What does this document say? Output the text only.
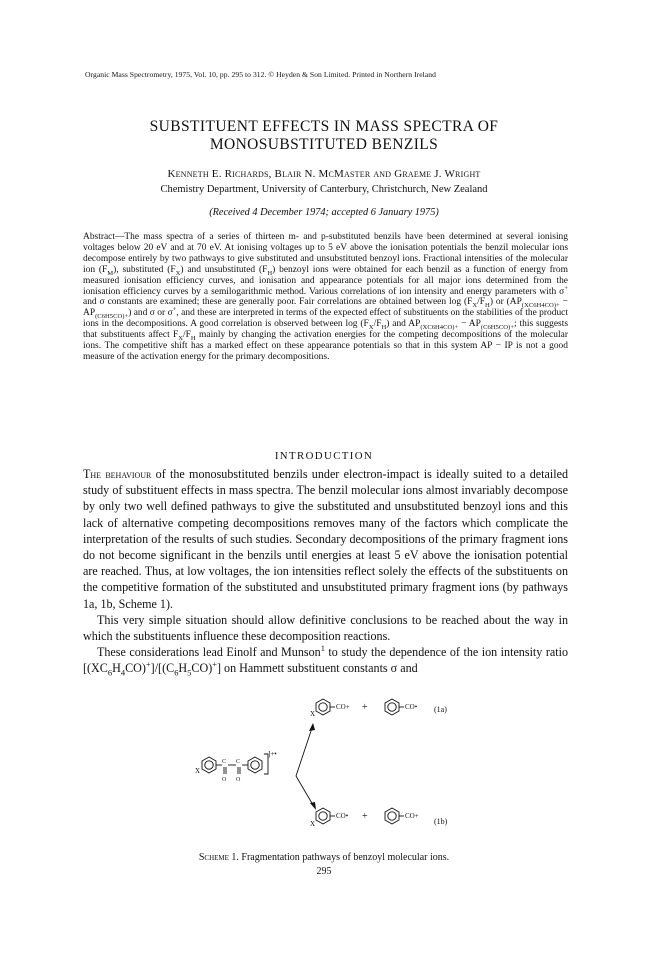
Organic Mass Spectrometry, 1975, Vol. 10, pp. 295 to 312. © Heyden & Son Limited. Printed in Northern Ireland
SUBSTITUENT EFFECTS IN MASS SPECTRA OF
MONOSUBSTITUTED BENZILS
Kenneth E. Richards, Blair N. McMaster and Graeme J. Wright
Chemistry Department, University of Canterbury, Christchurch, New Zealand
(Received 4 December 1974; accepted 6 January 1975)

Abstract—The mass spectra of a series of thirteen m- and p-substituted benzils have been determined at several ionising voltages below 20 eV and at 70 eV. At ionising voltages up to 5 eV above the ionisation potentials the benzil molecular ions decompose entirely by two pathways to give substituted and unsubstituted benzoyl ions. Fractional intensities of the molecular ion $(F_M)$, substituted $(F_X)$ and unsubstituted $(F_H)$ benzoyl ions were obtained for each benzil as a function of energy from measured ionisation efficiency curves, and ionisation and appearance potentials for all major ions determined from the ionisation efficiency curves by a semilogarithmic method. Various correlations of ion intensity and energy parameters with σ+ and σ constants are examined; these are generally poor. Fair correlations are obtained between $\log (F_X/F_H)$ or $(AP_{(XC6H4CO)+} - AP_{(C6H5CO)+})$ and σ or σ+, and these are interpreted in terms of the expected effect of substituents on the stabilities of the product ions in the decompositions. A good correlation is observed between $\log (F_X/F_H)$ and $AP_{(XC6H4CO)+} - AP_{(C6H5CO)+}$; this suggests that substituents affect $F_X/F_H$ mainly by changing the activation energies for the competing decompositions of the molecular ions. The competitive shift has a marked effect on these appearance potentials so that in this system AP − IP is not a good measure of the activation energy for the primary decompositions.

INTRODUCTION

The behaviour of the monosubstituted benzils under electron-impact is ideally suited to a detailed study of substituent effects in mass spectra. The benzil molecular ions almost invariably decompose by only two well defined pathways to give the substituted and unsubstituted benzoyl ions and this lack of alternative competing decompositions removes many of the factors which complicate the interpretation of the results of such studies. Secondary decompositions of the primary fragment ions do not become significant in the benzils until energies at least 5 eV above the ionisation potential are reached. Thus, at low voltages, the ion intensities reflect solely the effects of the substituents on the competitive formation of the substituted and unsubstituted primary fragment ions (by pathways 1a, 1b, Scheme 1).

This very simple situation should allow definitive conclusions to be reached about the way in which the substituents influence these decomposition reactions.

These considerations lead Einolf and Munson$^1$ to study the dependence of the ion intensity ratio $[(XC_6H_4CO)^+]/[(C_6H_5CO)^+]$ on Hammett substituent constants σ and

X
CO+ +	CO• (1a)
X
C C
O O
]+•
X
CO• +	CO+
(1b)
Scheme 1. Fragmentation pathways of benzoyl molecular ions.
295
